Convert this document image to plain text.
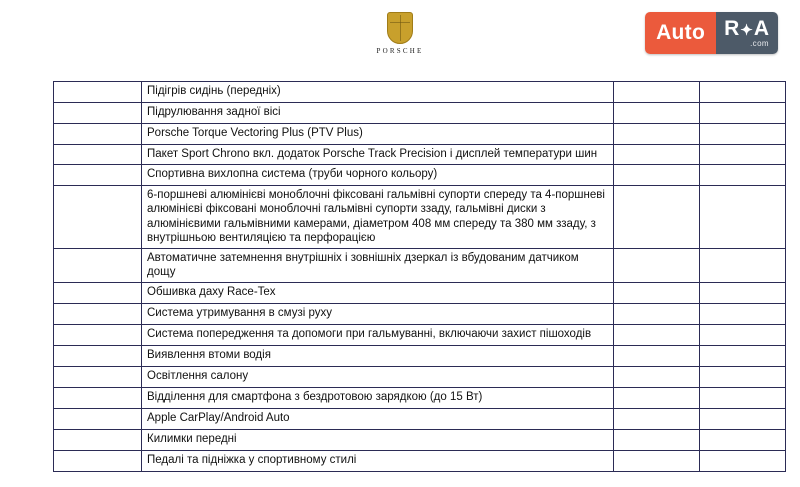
PORSCHE
Auto R ✦ A
.com
	Підігрів сидінь (передніх)		
	Підрулювання задної вісі		
	Porsche Torque Vectoring Plus (PTV Plus)		
	Пакет Sport Chrono вкл. додаток Porsche Track Precision і дисплей температури шин		
	Спортивна вихлопна система (труби чорного кольору)		
	6-поршневі алюмінієві моноблочні фіксовані гальмівні супорти спереду та 4-поршневі алюмінієві фіксовані моноблочні гальмівні супорти ззаду, гальмівні диски з алюмінієвими гальмівними камерами, діаметром 408 мм спереду та 380 мм ззаду, з внутрішньою вентиляцією та перфорацією		
	Автоматичне затемнення внутрішніх і зовнішніх дзеркал із вбудованим датчиком дощу		
	Обшивка даху Race-Tex		
	Система утримування в смузі руху		
	Система попередження та допомоги при гальмуванні, включаючи захист пішоходів		
	Виявлення втоми водія		
	Освітлення салону		
	Відділення для смартфона з бездротовою зарядкою (до 15 Вт)		
	Apple CarPlay/Android Auto		
	Килимки передні		
	Педалі та підніжка у спортивному стилі		
